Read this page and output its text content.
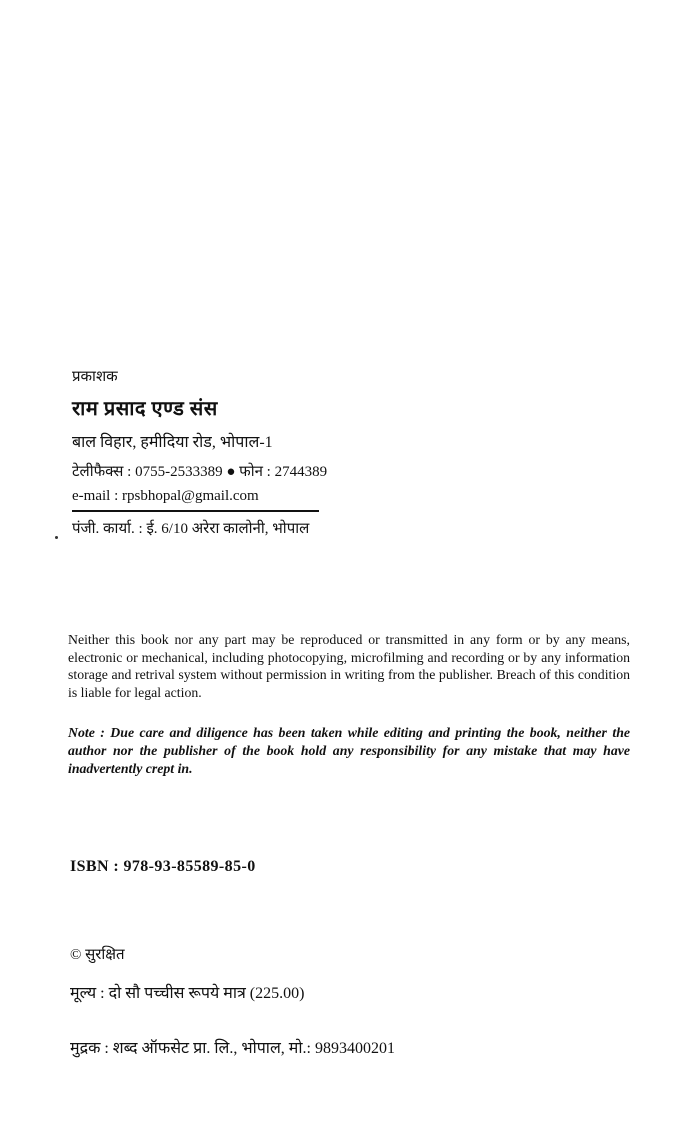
प्रकाशक
राम प्रसाद एण्ड संस
बाल विहार, हमीदिया रोड, भोपाल-1
टेलीफैक्स : 0755-2533389 ● फोन : 2744389
e-mail : rpsbhopal@gmail.com
पंजी. कार्या. : ई. 6/10 अरेरा कालोनी, भोपाल
Neither this book nor any part may be reproduced or transmitted in any form or by any means, electronic or mechanical, including photocopying, microfilming and recording or by any information storage and retrival system without permission in writing from the publisher. Breach of this condition is liable for legal action.
Note : Due care and diligence has been taken while editing and printing the book, neither the author nor the publisher of the book hold any responsibility for any mistake that may have inadvertently crept in.
ISBN : 978-93-85589-85-0
© सुरक्षित
मूल्य : दो सौ पच्चीस रूपये मात्र (225.00)
मुद्रक : शब्द ऑफसेट प्रा. लि., भोपाल, मो.: 9893400201
